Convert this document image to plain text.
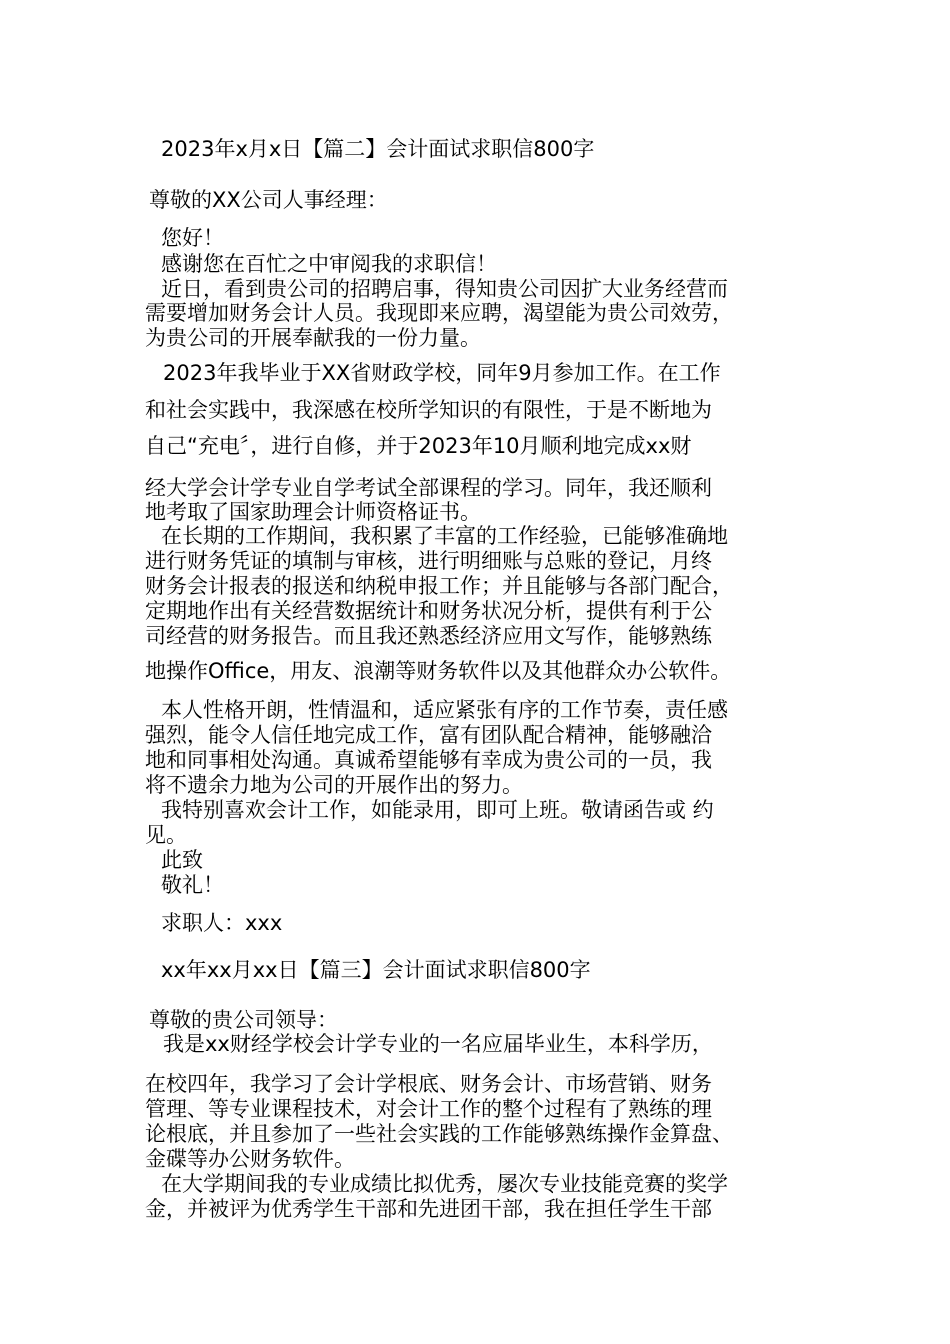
2023年x月x日【篇二】会计面试求职信800字

尊敬的XX公司人事经理：

您好！

感谢您在百忙之中审阅我的求职信！

近日，看到贵公司的招聘启事，得知贵公司因扩大业务经营而

需要增加财务会计人员。我现即来应聘，渴望能为贵公司效劳，

为贵公司的开展奉献我的一份力量。

2023年我毕业于XX省财政学校，同年9月参加工作。在工作

和社会实践中，我深感在校所学知识的有限性，于是不断地为

自己“充电〞，进行自修，并于2023年10月顺利地完成xx财

经大学会计学专业自学考试全部课程的学习。同年，我还顺利

地考取了国家助理会计师资格证书。

在长期的工作期间，我积累了丰富的工作经验，已能够准确地

进行财务凭证的填制与审核，进行明细账与总账的登记，月终

财务会计报表的报送和纳税申报工作；并且能够与各部门配合，

定期地作出有关经营数据统计和财务状况分析，提供有利于公

司经营的财务报告。而且我还熟悉经济应用文写作，能够熟练

地操作Office，用友、浪潮等财务软件以及其他群众办公软件。

本人性格开朗，性情温和，适应紧张有序的工作节奏，责任感

强烈，能令人信任地完成工作，富有团队配合精神，能够融洽

地和同事相处沟通。真诚希望能够有幸成为贵公司的一员，我

将不遗余力地为公司的开展作出的努力。

我特别喜欢会计工作，如能录用，即可上班。敬请函告或 约

见。

此致

敬礼！

求职人：xxx

xx年xx月xx日【篇三】会计面试求职信800字

尊敬的贵公司领导：

我是xx财经学校会计学专业的一名应届毕业生，本科学历，

在校四年，我学习了会计学根底、财务会计、市场营销、财务

管理、等专业课程技术，对会计工作的整个过程有了熟练的理

论根底，并且参加了一些社会实践的工作能够熟练操作金算盘、

金碟等办公财务软件。

在大学期间我的专业成绩比拟优秀，屡次专业技能竞赛的奖学

金，并被评为优秀学生干部和先进团干部，我在担任学生干部
